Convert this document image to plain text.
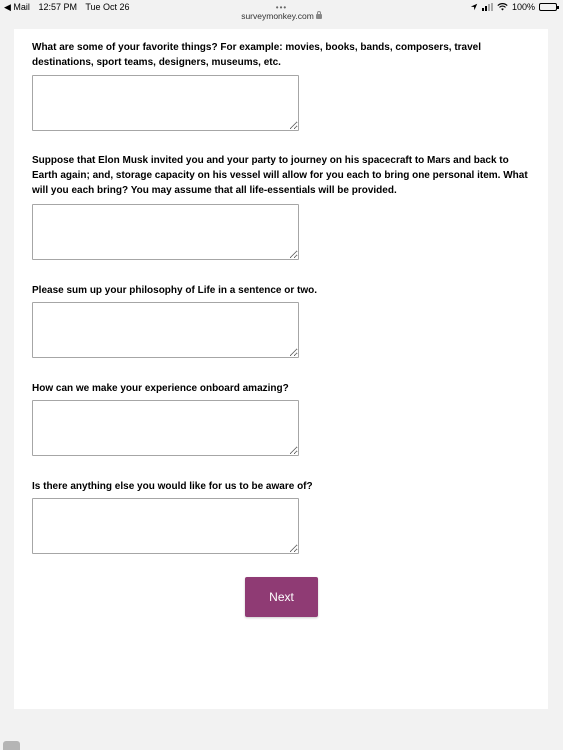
◀ Mail 12:57 PM Tue Oct 26	100%
•••
surveymonkey.com
What are some of your favorite things? For example: movies, books, bands, composers, travel destinations, sport teams, designers, museums, etc.
Suppose that Elon Musk invited you and your party to journey on his spacecraft to Mars and back to Earth again; and, storage capacity on his vessel will allow for you each to bring one personal item. What will you each bring? You may assume that all life-essentials will be provided.
Please sum up your philosophy of Life in a sentence or two.
How can we make your experience onboard amazing?
Is there anything else you would like for us to be aware of?
Next
